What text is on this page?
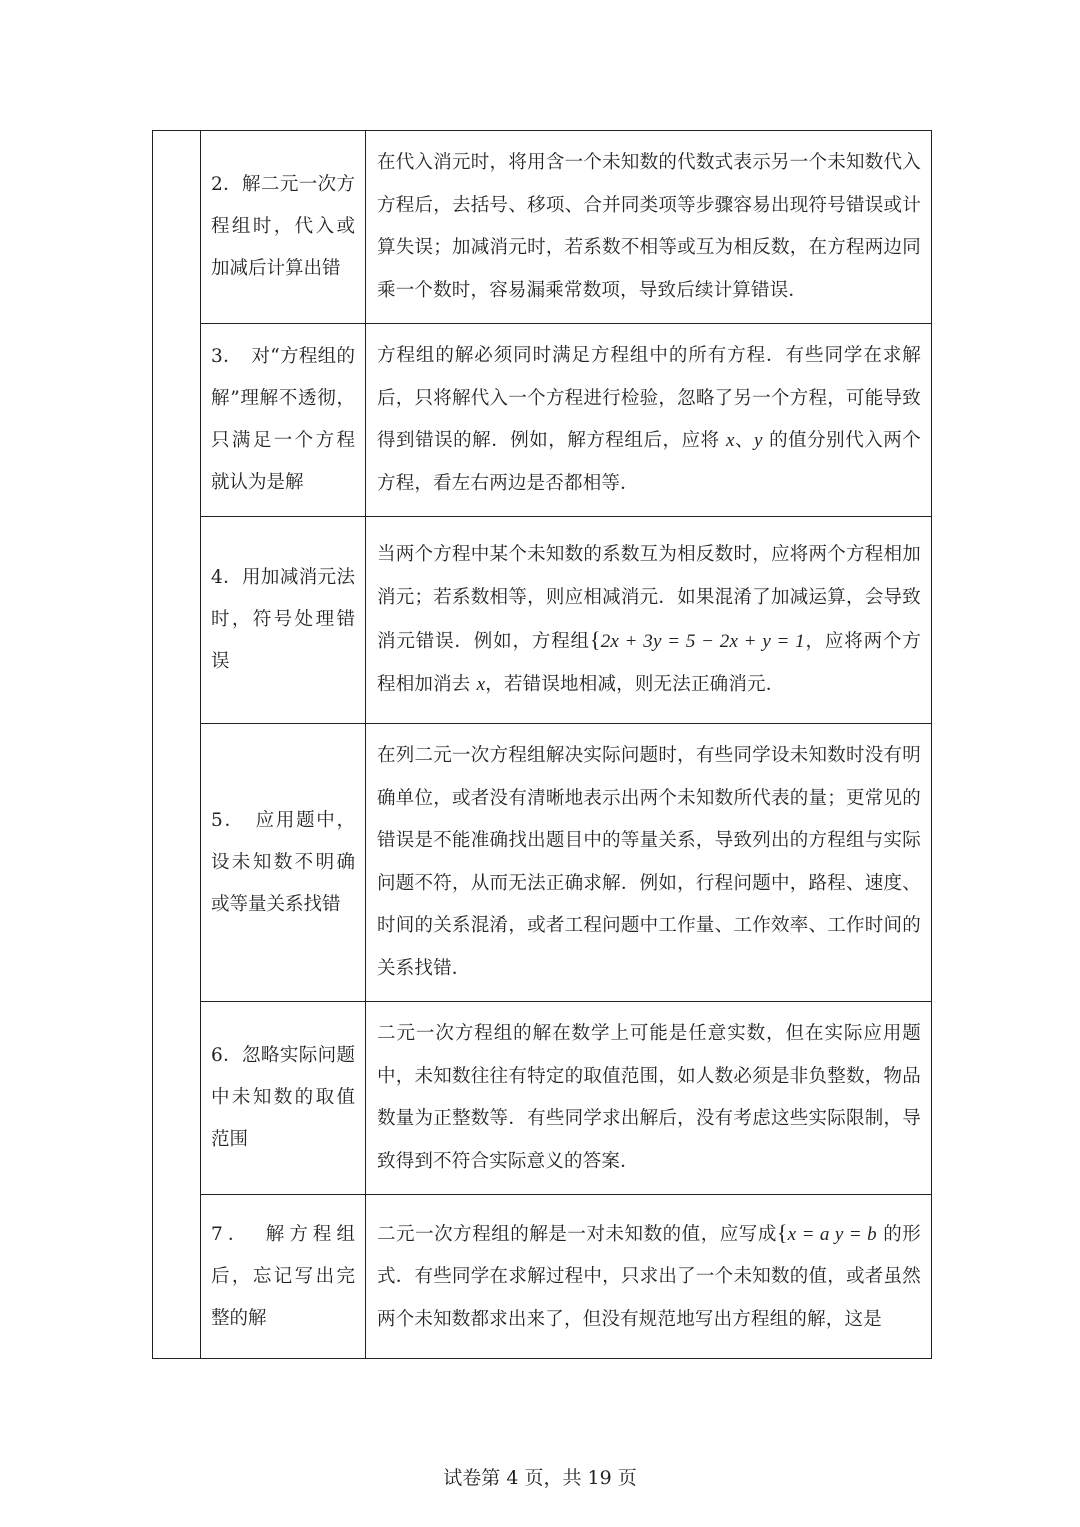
	2．解二元一次方程组时，代入或加减后计算出错	在代入消元时，将用含一个未知数的代数式表示另一个未知数代入方程后，去括号、移项、合并同类项等步骤容易出现符号错误或计算失误；加减消元时，若系数不相等或互为相反数，在方程两边同乘一个数时，容易漏乘常数项，导致后续计算错误．

	3．　对“方程组的解”理解不透彻，只满足一个方程就认为是解	方程组的解必须同时满足方程组中的所有方程．有些同学在求解后，只将解代入一个方程进行检验，忽略了另一个方程，可能导致得到错误的解．例如，解方程组后，应将 x、y 的值分别代入两个方程，看左右两边是否都相等．

	4．用加减消元法时，符号处理错误	当两个方程中某个未知数的系数互为相反数时，应将两个方程相加消元；若系数相等，则应相减消元．如果混淆了加减运算，会导致消元错误．例如，方程组{2x + 3y = 5 − 2x + y = 1，应将两个方程相加消去 x，若错误地相减，则无法正确消元．

	5．　应用题中，设未知数不明确或等量关系找错	在列二元一次方程组解决实际问题时，有些同学设未知数时没有明确单位，或者没有清晰地表示出两个未知数所代表的量；更常见的错误是不能准确找出题目中的等量关系，导致列出的方程组与实际问题不符，从而无法正确求解．例如，行程问题中，路程、速度、时间的关系混淆，或者工程问题中工作量、工作效率、工作时间的关系找错．

	6．忽略实际问题中未知数的取值范围	二元一次方程组的解在数学上可能是任意实数，但在实际应用题中，未知数往往有特定的取值范围，如人数必须是非负整数，物品数量为正整数等．有些同学求出解后，没有考虑这些实际限制，导致得到不符合实际意义的答案．

	7．　解方程组后，忘记写出完整的解	二元一次方程组的解是一对未知数的值，应写成{x = a y = b 的形式．有些同学在求解过程中，只求出了一个未知数的值，或者虽然两个未知数都求出来了，但没有规范地写出方程组的解，这是
试卷第 4 页，共 19 页
